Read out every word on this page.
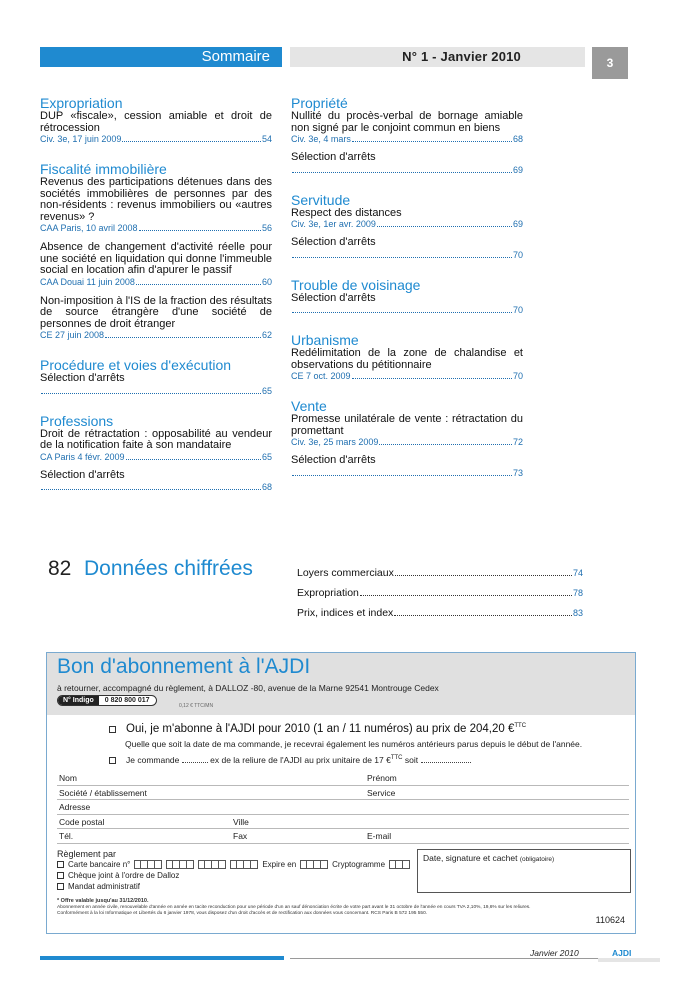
Sommaire	N° 1 - Janvier 2010	3
Expropriation
DUP «fiscale», cession amiable et droit de rétrocession
Civ. 3e, 17 juin 2009	54
Fiscalité immobilière
Revenus des participations détenues dans des sociétés immobilières de personnes par des non-résidents : revenus immobiliers ou «autres revenus» ?
CAA Paris, 10 avril 2008	56
Absence de changement d'activité réelle pour une société en liquidation qui donne l'immeuble social en location afin d'apurer le passif
CAA Douai 11 juin 2008	60
Non-imposition à l'IS de la fraction des résultats de source étrangère d'une société de personnes de droit étranger
CE 27 juin 2008	62
Procédure et voies d'exécution
Sélection d'arrêts
65
Professions
Droit de rétractation : opposabilité au vendeur de la notification faite à son mandataire
CA Paris 4 févr. 2009	65
Sélection d'arrêts
68
Propriété
Nullité du procès-verbal de bornage amiable non signé par le conjoint commun en biens
Civ. 3e, 4 mars	68
Sélection d'arrêts
69
Servitude
Respect des distances
Civ. 3e, 1er avr. 2009	69
Sélection d'arrêts
70
Trouble de voisinage
Sélection d'arrêts
70
Urbanisme
Redélimitation de la zone de chalandise et observations du pétitionnaire
CE 7 oct. 2009	70
Vente
Promesse unilatérale de vente : rétractation du promettant
Civ. 3e, 25 mars 2009	72
Sélection d'arrêts
73
82 Données chiffrées	Loyers commerciaux	74
Expropriation	78
Prix, indices et index	83
Bon d'abonnement à l'AJDI
à retourner, accompagné du règlement, à DALLOZ -80, avenue de la Marne 92541 Montrouge Cedex
N° Indigo	0 820 800 017
0,12 € TTC/MN
Oui, je m'abonne à l'AJDI pour 2010 (1 an / 11 numéros) au prix de 204,20 €$^{TTC}$
Quelle que soit la date de ma commande, je recevrai également les numéros antérieurs parus depuis le début de l'année.
Je commande	ex de la reliure de l'AJDI au prix unitaire de 17 €$^{TTC}$ soit
Nom	Prénom
Société / établissement	Service
Adresse
Code postal	Ville
Tél.	Fax	E-mail
Règlement par
Carte bancaire n°	Expire en	Cryptogramme
Chèque joint à l'ordre de Dalloz
Mandat administratif
Date, signature et cachet (obligatoire)
* Offre valable jusqu'au 31/12/2010.
Abonnement en année civile, renouvelable d'année en année en tacite reconduction pour une période d'un an sauf dénonciation écrite de votre part avant le 31 octobre de l'année en cours TVA 2,10%, 19,6% sur les reliures.
Conformément à la loi Informatique et Libertés du 6 janvier 1978, vous disposez d'un droit d'accès et de rectification aux données vous concernant. RCS Paris B 572 195 550.
110624
Janvier 2010	AJDI
